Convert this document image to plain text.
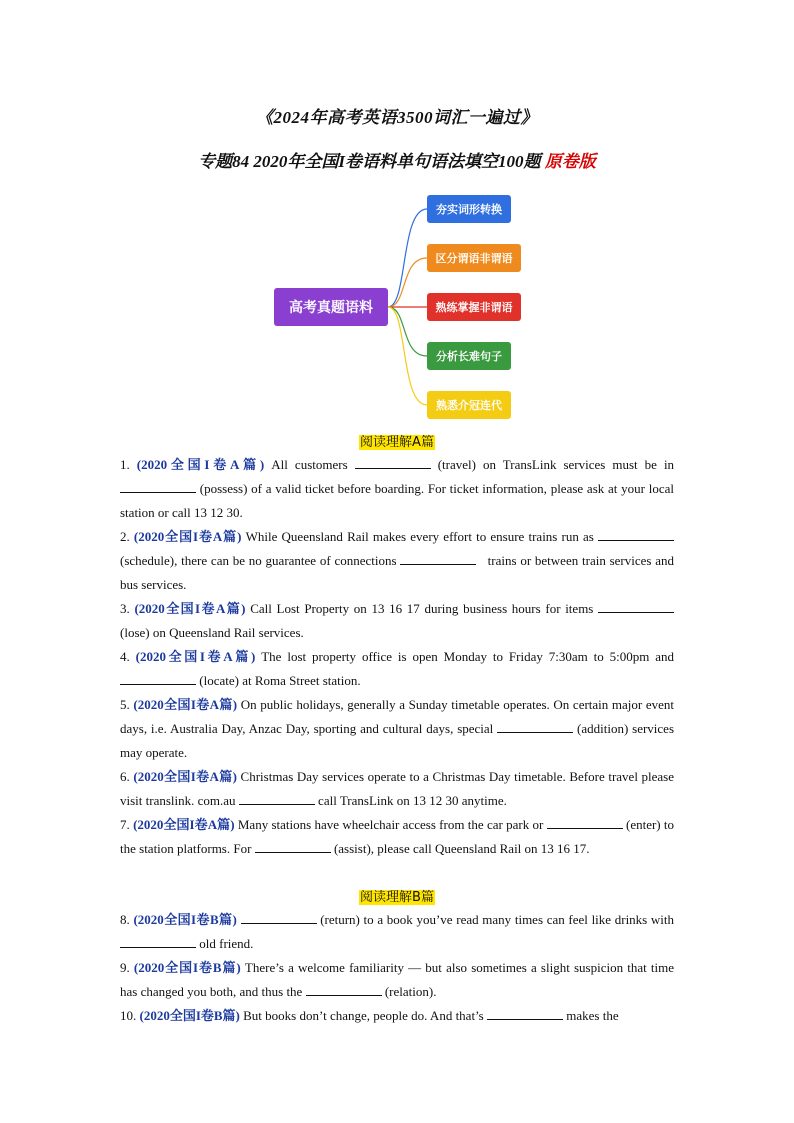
《2024年高考英语3500词汇一遍过》
专题84 2020年全国I卷语料单句语法填空100题 原卷版
高考真题语料
夯实词形转换
区分谓语非谓语
熟练掌握非谓语
分析长难句子
熟悉介冠连代
阅读理解A篇
1. (2020全国I卷A篇) All customers	(travel) on TransLink services must be in  (possess) of a valid ticket before boarding. For ticket information, please ask at your local station or call 13 12 30.
2. (2020全国I卷A篇) While Queensland Rail makes every effort to ensure trains run as  (schedule), there can be no guarantee of connections	trains or between train services and bus services.
3. (2020全国I卷A篇) Call Lost Property on 13 16 17 during business hours for items  (lose) on Queensland Rail services.
4. (2020全国I卷A篇) The lost property office is open Monday to Friday 7:30am to 5:00pm and  (locate) at Roma Street station.
5. (2020全国I卷A篇) On public holidays, generally a Sunday timetable operates. On certain major event days, i.e. Australia Day, Anzac Day, sporting and cultural days, special	(addition) services may operate.
6. (2020全国I卷A篇) Christmas Day services operate to a Christmas Day timetable. Before travel please visit translink. com.au	call TransLink on 13 12 30 anytime.
7. (2020全国I卷A篇) Many stations have wheelchair access from the car park or	(enter) to the station platforms. For	(assist), please call Queensland Rail on 13 16 17.
阅读理解B篇
8. (2020全国I卷B篇)	(return) to a book you’ve read many times can feel like drinks with old friend.
9. (2020全国I卷B篇) There’s a welcome familiarity — but also sometimes a slight suspicion that time has changed you both, and thus the	(relation).
10. (2020全国I卷B篇) But books don’t change, people do. And that’s	makes the
